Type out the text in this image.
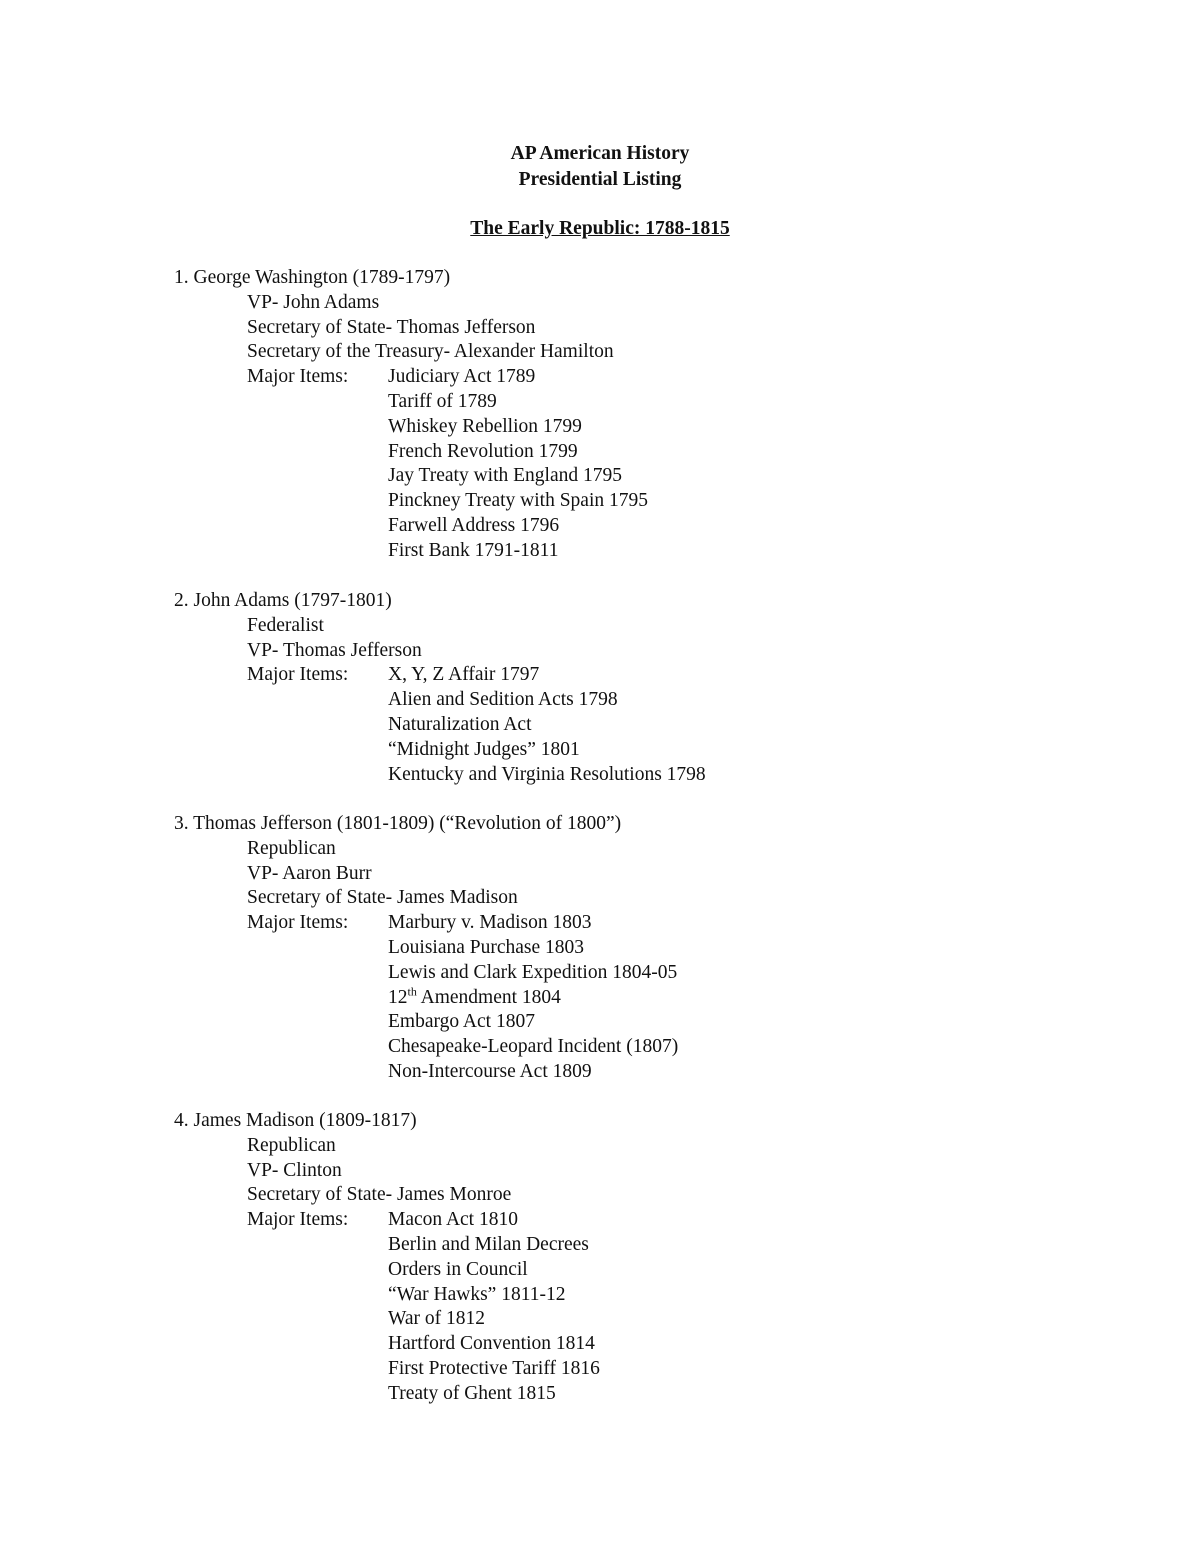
AP American History
Presidential Listing
The Early Republic: 1788-1815
1. George Washington (1789-1797)
VP- John Adams
Secretary of State- Thomas Jefferson
Secretary of the Treasury- Alexander Hamilton
Major Items:	Judiciary Act 1789
Tariff of 1789
Whiskey Rebellion 1799
French Revolution 1799
Jay Treaty with England 1795
Pinckney Treaty with Spain 1795
Farwell Address 1796
First Bank 1791-1811
2. John Adams (1797-1801)
Federalist
VP- Thomas Jefferson
Major Items:	X, Y, Z Affair 1797
Alien and Sedition Acts 1798
Naturalization Act
“Midnight Judges” 1801
Kentucky and Virginia Resolutions 1798
3. Thomas Jefferson (1801-1809) (“Revolution of 1800”)
Republican
VP- Aaron Burr
Secretary of State- James Madison
Major Items:	Marbury v. Madison 1803
Louisiana Purchase 1803
Lewis and Clark Expedition 1804-05
12th Amendment 1804
Embargo Act 1807
Chesapeake-Leopard Incident (1807)
Non-Intercourse Act 1809
4. James Madison (1809-1817)
Republican
VP- Clinton
Secretary of State- James Monroe
Major Items:	Macon Act 1810
Berlin and Milan Decrees
Orders in Council
“War Hawks” 1811-12
War of 1812
Hartford Convention 1814
First Protective Tariff 1816
Treaty of Ghent 1815
